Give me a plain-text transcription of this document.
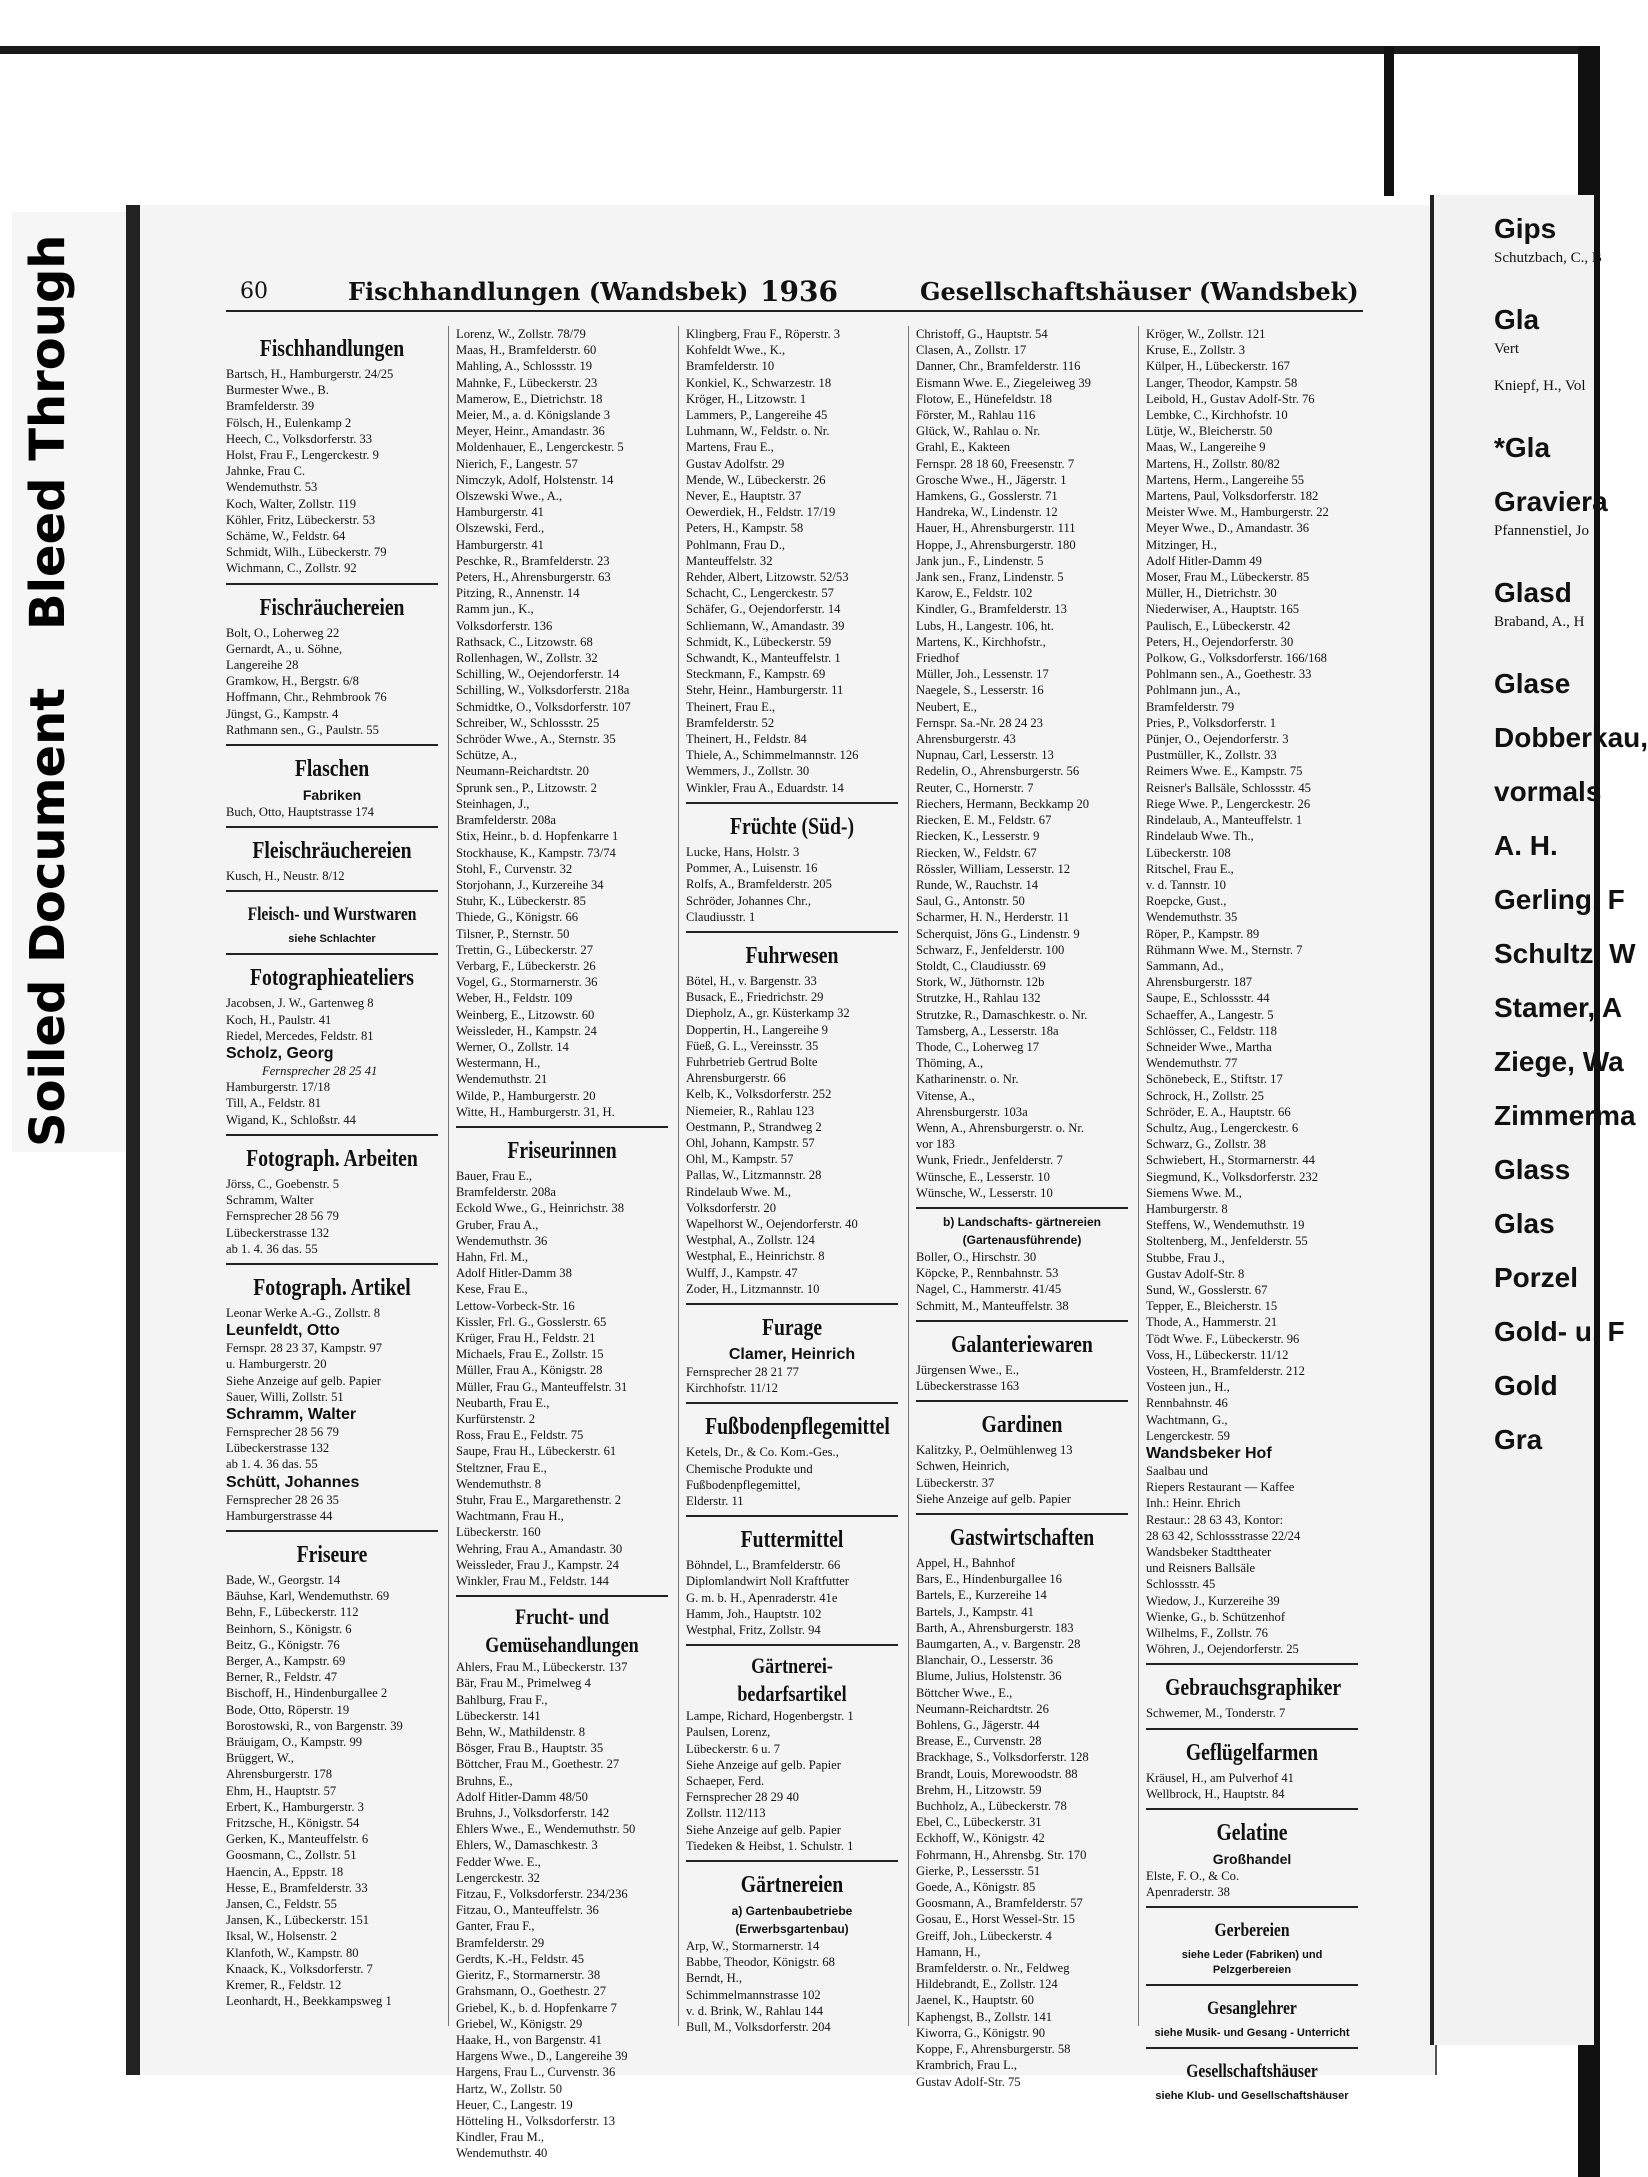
Bleed Through
Soiled Document
Gips
Schutzbach, C., B
Gla
Vert
Kniepf, H., Vol
*Gla
Graviera
Pfannenstiel, Jo
Glasd
Braband, A., H
Glase
Dobberkau,
vormals
A. H.
Gerling, F
Schultz, W
Stamer, A
Ziege, Wa
Zimmerma
Glass
Glas
Porzel
Gold- u. F
Gold
Gra
60	Fischhandlungen (Wandsbek) 1936	Gesellschaftshäuser (Wandsbek)
Fischhandlungen
Bartsch, H., Hamburgerstr. 24/25
Burmester Wwe., B.
Bramfelderstr. 39
Fölsch, H., Eulenkamp 2
Heech, C., Volksdorferstr. 33
Holst, Frau F., Lengerckestr. 9
Jahnke, Frau C.
Wendemuthstr. 53
Koch, Walter, Zollstr. 119
Köhler, Fritz, Lübeckerstr. 53
Schäme, W., Feldstr. 64
Schmidt, Wilh., Lübeckerstr. 79
Wichmann, C., Zollstr. 92
Fischräuchereien
Bolt, O., Loherweg 22
Gernardt, A., u. Söhne,
Langereihe 28
Gramkow, H., Bergstr. 6/8
Hoffmann, Chr., Rehmbrook 76
Jüngst, G., Kampstr. 4
Rathmann sen., G., Paulstr. 55
Flaschen
Fabriken
Buch, Otto, Hauptstrasse 174
Fleischräuchereien
Kusch, H., Neustr. 8/12
Fleisch- und Wurstwaren
siehe Schlachter
Fotographieateliers
Jacobsen, J. W., Gartenweg 8
Koch, H., Paulstr. 41
Riedel, Mercedes, Feldstr. 81
Scholz, Georg
Fernsprecher 28 25 41
Hamburgerstr. 17/18
Till, A., Feldstr. 81
Wigand, K., Schloßstr. 44
Fotograph. Arbeiten
Jörss, C., Goebenstr. 5
Schramm, Walter
Fernsprecher 28 56 79
Lübeckerstrasse 132
ab 1. 4. 36 das. 55
Fotograph. Artikel
Leonar Werke A.-G., Zollstr. 8
Leunfeldt, Otto
Fernspr. 28 23 37, Kampstr. 97
u. Hamburgerstr. 20
Siehe Anzeige auf gelb. Papier
Sauer, Willi, Zollstr. 51
Schramm, Walter
Fernsprecher 28 56 79
Lübeckerstrasse 132
ab 1. 4. 36 das. 55
Schütt, Johannes
Fernsprecher 28 26 35
Hamburgerstrasse 44
Friseure
Bade, W., Georgstr. 14
Bäuhse, Karl, Wendemuthstr. 69
Behn, F., Lübeckerstr. 112
Beinhorn, S., Königstr. 6
Beitz, G., Königstr. 76
Berger, A., Kampstr. 69
Berner, R., Feldstr. 47
Bischoff, H., Hindenburgallee 2
Bode, Otto, Röperstr. 19
Borostowski, R., von Bargenstr. 39
Bräuigam, O., Kampstr. 99
Brüggert, W.,
Ahrensburgerstr. 178
Ehm, H., Hauptstr. 57
Erbert, K., Hamburgerstr. 3
Fritzsche, H., Königstr. 54
Gerken, K., Manteuffelstr. 6
Goosmann, C., Zollstr. 51
Haencin, A., Eppstr. 18
Hesse, E., Bramfelderstr. 33
Jansen, C., Feldstr. 55
Jansen, K., Lübeckerstr. 151
Iksal, W., Holsenstr. 2
Klanfoth, W., Kampstr. 80
Knaack, K., Volksdorferstr. 7
Kremer, R., Feldstr. 12
Leonhardt, H., Beekkampsweg 1
Lorenz, W., Zollstr. 78/79
Maas, H., Bramfelderstr. 60
Mahling, A., Schlossstr. 19
Mahnke, F., Lübeckerstr. 23
Mamerow, E., Dietrichstr. 18
Meier, M., a. d. Königslande 3
Meyer, Heinr., Amandastr. 36
Moldenhauer, E., Lengerckestr. 5
Nierich, F., Langestr. 57
Nimczyk, Adolf, Holstenstr. 14
Olszewski Wwe., A.,
Hamburgerstr. 41
Olszewski, Ferd.,
Hamburgerstr. 41
Peschke, R., Bramfelderstr. 23
Peters, H., Ahrensburgerstr. 63
Pitzing, R., Annenstr. 14
Ramm jun., K.,
Volksdorferstr. 136
Rathsack, C., Litzowstr. 68
Rollenhagen, W., Zollstr. 32
Schilling, W., Oejendorferstr. 14
Schilling, W., Volksdorferstr. 218a
Schmidtke, O., Volksdorferstr. 107
Schreiber, W., Schlossstr. 25
Schröder Wwe., A., Sternstr. 35
Schütze, A.,
Neumann-Reichardtstr. 20
Sprunk sen., P., Litzowstr. 2
Steinhagen, J.,
Bramfelderstr. 208a
Stix, Heinr., b. d. Hopfenkarre 1
Stockhause, K., Kampstr. 73/74
Stohl, F., Curvenstr. 32
Storjohann, J., Kurzereihe 34
Stuhr, K., Lübeckerstr. 85
Thiede, G., Königstr. 66
Tilsner, P., Sternstr. 50
Trettin, G., Lübeckerstr. 27
Verbarg, F., Lübeckerstr. 26
Vogel, G., Stormarnerstr. 36
Weber, H., Feldstr. 109
Weinberg, E., Litzowstr. 60
Weissleder, H., Kampstr. 24
Werner, O., Zollstr. 14
Westermann, H.,
Wendemuthstr. 21
Wilde, P., Hamburgerstr. 20
Witte, H., Hamburgerstr. 31, H.
Friseurinnen
Bauer, Frau E.,
Bramfelderstr. 208a
Eckold Wwe., G., Heinrichstr. 38
Gruber, Frau A.,
Wendemuthstr. 36
Hahn, Frl. M.,
Adolf Hitler-Damm 38
Kese, Frau E.,
Lettow-Vorbeck-Str. 16
Kissler, Frl. G., Gosslerstr. 65
Krüger, Frau H., Feldstr. 21
Michaels, Frau E., Zollstr. 15
Müller, Frau A., Königstr. 28
Müller, Frau G., Manteuffelstr. 31
Neubarth, Frau E.,
Kurfürstenstr. 2
Ross, Frau E., Feldstr. 75
Saupe, Frau H., Lübeckerstr. 61
Steltzner, Frau E.,
Wendemuthstr. 8
Stuhr, Frau E., Margarethenstr. 2
Wachtmann, Frau H.,
Lübeckerstr. 160
Wehring, Frau A., Amandastr. 30
Weissleder, Frau J., Kampstr. 24
Winkler, Frau M., Feldstr. 144
Frucht- und Gemüsehandlungen
Ahlers, Frau M., Lübeckerstr. 137
Bär, Frau M., Primelweg 4
Bahlburg, Frau F.,
Lübeckerstr. 141
Behn, W., Mathildenstr. 8
Bösger, Frau B., Hauptstr. 35
Böttcher, Frau M., Goethestr. 27
Bruhns, E.,
Adolf Hitler-Damm 48/50
Bruhns, J., Volksdorferstr. 142
Ehlers Wwe., E., Wendemuthstr. 50
Ehlers, W., Damaschkestr. 3
Fedder Wwe. E.,
Lengerckestr. 32
Fitzau, F., Volksdorferstr. 234/236
Fitzau, O., Manteuffelstr. 36
Ganter, Frau F.,
Bramfelderstr. 29
Gerdts, K.-H., Feldstr. 45
Gieritz, F., Stormarnerstr. 38
Grahsmann, O., Goethestr. 27
Griebel, K., b. d. Hopfenkarre 7
Griebel, W., Königstr. 29
Haake, H., von Bargenstr. 41
Hargens Wwe., D., Langereihe 39
Hargens, Frau L., Curvenstr. 36
Hartz, W., Zollstr. 50
Heuer, C., Langestr. 19
Hötteling H., Volksdorferstr. 13
Kindler, Frau M.,
Wendemuthstr. 40
Klingberg, Frau F., Röperstr. 3
Kohfeldt Wwe., K.,
Bramfelderstr. 10
Konkiel, K., Schwarzestr. 18
Kröger, H., Litzowstr. 1
Lammers, P., Langereihe 45
Luhmann, W., Feldstr. o. Nr.
Martens, Frau E.,
Gustav Adolfstr. 29
Mende, W., Lübeckerstr. 26
Never, E., Hauptstr. 37
Oewerdiek, H., Feldstr. 17/19
Peters, H., Kampstr. 58
Pohlmann, Frau D.,
Manteuffelstr. 32
Rehder, Albert, Litzowstr. 52/53
Schacht, C., Lengerckestr. 57
Schäfer, G., Oejendorferstr. 14
Schliemann, W., Amandastr. 39
Schmidt, K., Lübeckerstr. 59
Schwandt, K., Manteuffelstr. 1
Steckmann, F., Kampstr. 69
Stehr, Heinr., Hamburgerstr. 11
Theinert, Frau E.,
Bramfelderstr. 52
Theinert, H., Feldstr. 84
Thiele, A., Schimmelmannstr. 126
Wemmers, J., Zollstr. 30
Winkler, Frau A., Eduardstr. 14
Früchte (Süd-)
Lucke, Hans, Holstr. 3
Pommer, A., Luisenstr. 16
Rolfs, A., Bramfelderstr. 205
Schröder, Johannes Chr.,
Claudiusstr. 1
Fuhrwesen
Bötel, H., v. Bargenstr. 33
Busack, E., Friedrichstr. 29
Diepholz, A., gr. Küsterkamp 32
Doppertin, H., Langereihe 9
Füeß, G. L., Vereinsstr. 35
Fuhrbetrieb Gertrud Bolte
Ahrensburgerstr. 66
Kelb, K., Volksdorferstr. 252
Niemeier, R., Rahlau 123
Oestmann, P., Strandweg 2
Ohl, Johann, Kampstr. 57
Ohl, M., Kampstr. 57
Pallas, W., Litzmannstr. 28
Rindelaub Wwe. M.,
Volksdorferstr. 20
Wapelhorst W., Oejendorferstr. 40
Westphal, A., Zollstr. 124
Westphal, E., Heinrichstr. 8
Wulff, J., Kampstr. 47
Zoder, H., Litzmannstr. 10
Furage
Clamer, Heinrich
Fernsprecher 28 21 77
Kirchhofstr. 11/12
Fußbodenpflegemittel
Ketels, Dr., & Co. Kom.-Ges.,
Chemische Produkte und
Fußbodenpflegemittel,
Elderstr. 11
Futtermittel
Böhndel, L., Bramfelderstr. 66
Diplomlandwirt Noll Kraftfutter
G. m. b. H., Apenraderstr. 41e
Hamm, Joh., Hauptstr. 102
Westphal, Fritz, Zollstr. 94
Gärtnerei- bedarfsartikel
Lampe, Richard, Hogenbergstr. 1
Paulsen, Lorenz,
Lübeckerstr. 6 u. 7
Siehe Anzeige auf gelb. Papier
Schaeper, Ferd.
Fernsprecher 28 29 40
Zollstr. 112/113
Siehe Anzeige auf gelb. Papier
Tiedeken & Heibst, 1. Schulstr. 1
Gärtnereien
a) Gartenbaubetriebe (Erwerbsgartenbau)
Arp, W., Stormarnerstr. 14
Babbe, Theodor, Königstr. 68
Berndt, H.,
Schimmelmannstrasse 102
v. d. Brink, W., Rahlau 144
Bull, M., Volksdorferstr. 204
Christoff, G., Hauptstr. 54
Clasen, A., Zollstr. 17
Danner, Chr., Bramfelderstr. 116
Eismann Wwe. E., Ziegeleiweg 39
Flotow, E., Hünefeldstr. 18
Förster, M., Rahlau 116
Glück, W., Rahlau o. Nr.
Grahl, E., Kakteen
Fernspr. 28 18 60, Freesenstr. 7
Grosche Wwe., H., Jägerstr. 1
Hamkens, G., Gosslerstr. 71
Handreka, W., Lindenstr. 12
Hauer, H., Ahrensburgerstr. 111
Hoppe, J., Ahrensburgerstr. 180
Jank jun., F., Lindenstr. 5
Jank sen., Franz, Lindenstr. 5
Karow, E., Feldstr. 102
Kindler, G., Bramfelderstr. 13
Lubs, H., Langestr. 106, ht.
Martens, K., Kirchhofstr.,
Friedhof
Müller, Joh., Lessenstr. 17
Naegele, S., Lesserstr. 16
Neubert, E.,
Fernspr. Sa.-Nr. 28 24 23
Ahrensburgerstr. 43
Nupnau, Carl, Lesserstr. 13
Redelin, O., Ahrensburgerstr. 56
Reuter, C., Hornerstr. 7
Riechers, Hermann, Beckkamp 20
Riecken, E. M., Feldstr. 67
Riecken, K., Lesserstr. 9
Riecken, W., Feldstr. 67
Rössler, William, Lesserstr. 12
Runde, W., Rauchstr. 14
Saul, G., Antonstr. 50
Scharmer, H. N., Herderstr. 11
Scherquist, Jöns G., Lindenstr. 9
Schwarz, F., Jenfelderstr. 100
Stoldt, C., Claudiusstr. 69
Stork, W., Jüthornstr. 12b
Strutzke, H., Rahlau 132
Strutzke, R., Damaschkestr. o. Nr.
Tamsberg, A., Lesserstr. 18a
Thode, C., Loherweg 17
Thöming, A.,
Katharinenstr. o. Nr.
Vitense, A.,
Ahrensburgerstr. 103a
Wenn, A., Ahrensburgerstr. o. Nr.
vor 183
Wunk, Friedr., Jenfelderstr. 7
Wünsche, E., Lesserstr. 10
Wünsche, W., Lesserstr. 10
b) Landschafts- gärtnereien (Gartenausführende)
Boller, O., Hirschstr. 30
Köpcke, P., Rennbahnstr. 53
Nagel, C., Hammerstr. 41/45
Schmitt, M., Manteuffelstr. 38
Galanteriewaren
Jürgensen Wwe., E.,
Lübeckerstrasse 163
Gardinen
Kalitzky, P., Oelmühlenweg 13
Schwen, Heinrich,
Lübeckerstr. 37
Siehe Anzeige auf gelb. Papier
Gastwirtschaften
Appel, H., Bahnhof
Bars, E., Hindenburgallee 16
Bartels, E., Kurzereihe 14
Bartels, J., Kampstr. 41
Barth, A., Ahrensburgerstr. 183
Baumgarten, A., v. Bargenstr. 28
Blanchair, O., Lesserstr. 36
Blume, Julius, Holstenstr. 36
Böttcher Wwe., E.,
Neumann-Reichardtstr. 26
Bohlens, G., Jägerstr. 44
Brease, E., Curvenstr. 28
Brackhage, S., Volksdorferstr. 128
Brandt, Louis, Morewoodstr. 88
Brehm, H., Litzowstr. 59
Buchholz, A., Lübeckerstr. 78
Ebel, C., Lübeckerstr. 31
Eckhoff, W., Königstr. 42
Fohrmann, H., Ahrensbg. Str. 170
Gierke, P., Lessersstr. 51
Goede, A., Königstr. 85
Goosmann, A., Bramfelderstr. 57
Gosau, E., Horst Wessel-Str. 15
Greiff, Joh., Lübeckerstr. 4
Hamann, H.,
Bramfelderstr. o. Nr., Feldweg
Hildebrandt, E., Zollstr. 124
Jaenel, K., Hauptstr. 60
Kaphengst, B., Zollstr. 141
Kiworra, G., Königstr. 90
Koppe, F., Ahrensburgerstr. 58
Krambrich, Frau L.,
Gustav Adolf-Str. 75
Kröger, W., Zollstr. 121
Kruse, E., Zollstr. 3
Külper, H., Lübeckerstr. 167
Langer, Theodor, Kampstr. 58
Leibold, H., Gustav Adolf-Str. 76
Lembke, C., Kirchhofstr. 10
Lütje, W., Bleicherstr. 50
Maas, W., Langereihe 9
Martens, H., Zollstr. 80/82
Martens, Herm., Langereihe 55
Martens, Paul, Volksdorferstr. 182
Meister Wwe. M., Hamburgerstr. 22
Meyer Wwe., D., Amandastr. 36
Mitzinger, H.,
Adolf Hitler-Damm 49
Moser, Frau M., Lübeckerstr. 85
Müller, H., Dietrichstr. 30
Niederwiser, A., Hauptstr. 165
Paulisch, E., Lübeckerstr. 42
Peters, H., Oejendorferstr. 30
Polkow, G., Volksdorferstr. 166/168
Pohlmann sen., A., Goethestr. 33
Pohlmann jun., A.,
Bramfelderstr. 79
Pries, P., Volksdorferstr. 1
Pünjer, O., Oejendorferstr. 3
Pustmüller, K., Zollstr. 33
Reimers Wwe. E., Kampstr. 75
Reisner's Ballsäle, Schlossstr. 45
Riege Wwe. P., Lengerckestr. 26
Rindelaub, A., Manteuffelstr. 1
Rindelaub Wwe. Th.,
Lübeckerstr. 108
Ritschel, Frau E.,
v. d. Tannstr. 10
Roepcke, Gust.,
Wendemuthstr. 35
Röper, P., Kampstr. 89
Rühmann Wwe. M., Sternstr. 7
Sammann, Ad.,
Ahrensburgerstr. 187
Saupe, E., Schlossstr. 44
Schaeffer, A., Langestr. 5
Schlösser, C., Feldstr. 118
Schneider Wwe., Martha
Wendemuthstr. 77
Schönebeck, E., Stiftstr. 17
Schrock, H., Zollstr. 25
Schröder, E. A., Hauptstr. 66
Schultz, Aug., Lengerckestr. 6
Schwarz, G., Zollstr. 38
Schwiebert, H., Stormarnerstr. 44
Siegmund, K., Volksdorferstr. 232
Siemens Wwe. M.,
Hamburgerstr. 8
Steffens, W., Wendemuthstr. 19
Stoltenberg, M., Jenfelderstr. 55
Stubbe, Frau J.,
Gustav Adolf-Str. 8
Sund, W., Gosslerstr. 67
Tepper, E., Bleicherstr. 15
Thode, A., Hammerstr. 21
Tödt Wwe. F., Lübeckerstr. 96
Voss, H., Lübeckerstr. 11/12
Vosteen, H., Bramfelderstr. 212
Vosteen jun., H.,
Rennbahnstr. 46
Wachtmann, G.,
Lengerckestr. 59
Wandsbeker Hof
Saalbau und
Riepers Restaurant — Kaffee
Inh.: Heinr. Ehrich
Restaur.: 28 63 43, Kontor:
28 63 42, Schlossstrasse 22/24
Wandsbeker Stadttheater
und Reisners Ballsäle
Schlossstr. 45
Wiedow, J., Kurzereihe 39
Wienke, G., b. Schützenhof
Wilhelms, F., Zollstr. 76
Wöhren, J., Oejendorferstr. 25
Gebrauchsgraphiker
Schwemer, M., Tonderstr. 7
Geflügelfarmen
Kräusel, H., am Pulverhof 41
Wellbrock, H., Hauptstr. 84
Gelatine
Großhandel
Elste, F. O., & Co.
Apenraderstr. 38
Gerbereien
siehe Leder (Fabriken) und Pelzgerbereien
Gesanglehrer
siehe Musik- und Gesang - Unterricht
Gesellschaftshäuser
siehe Klub- und Gesellschaftshäuser
